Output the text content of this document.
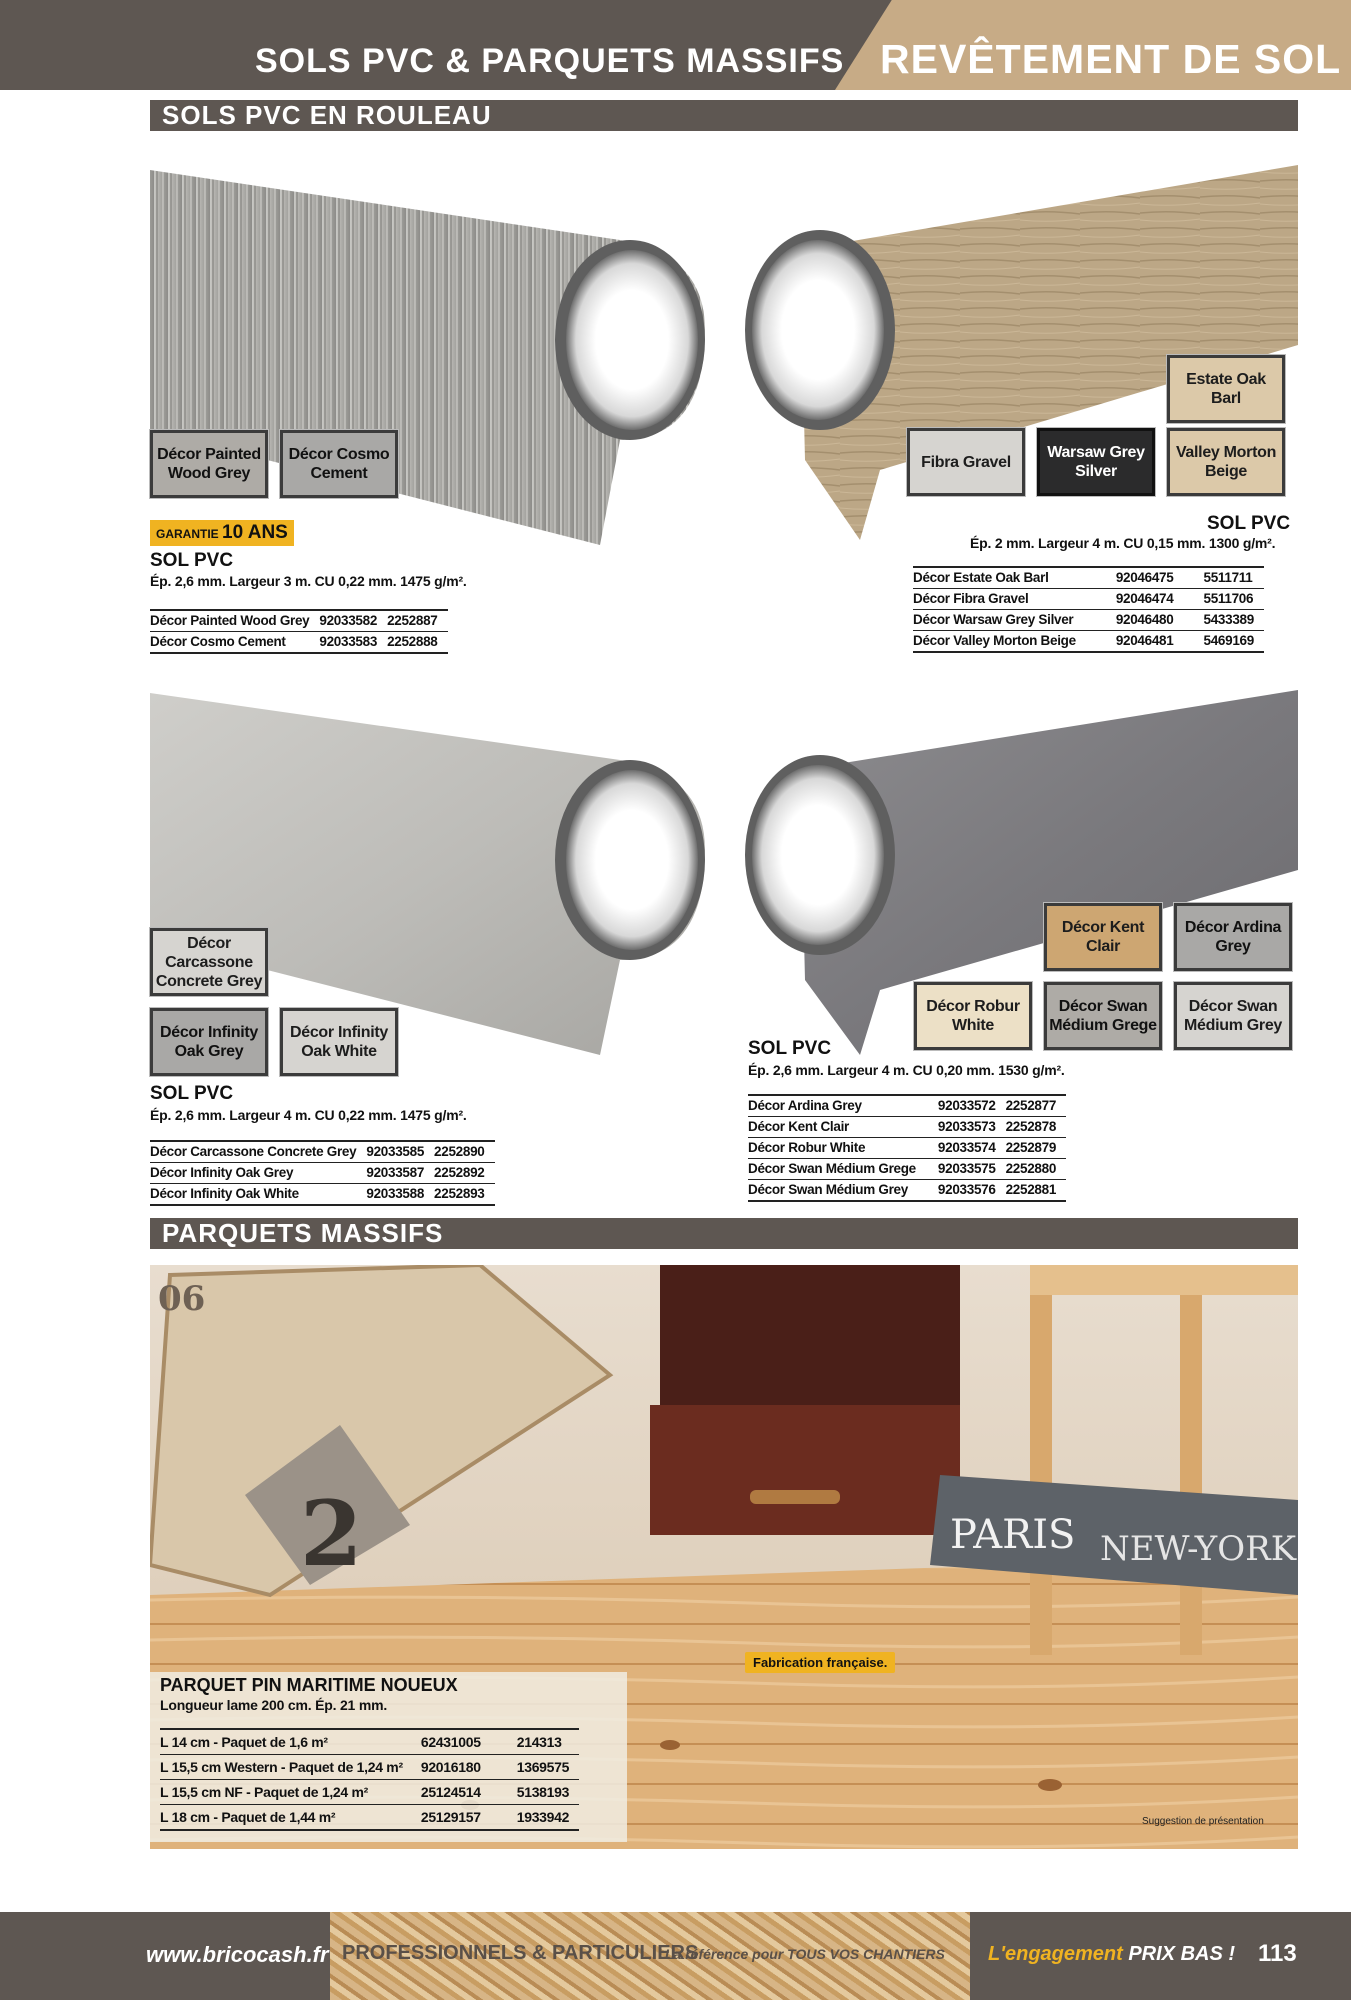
SOLS PVC & PARQUETS MASSIFS REVÊTEMENT DE SOL
SOLS PVC EN ROULEAU
Décor Painted Wood Grey
Décor Cosmo Cement
GARANTIE 10 ANS
SOL PVC
Ép. 2,6 mm. Largeur 3 m. CU 0,22 mm. 1475 g/m².
Décor Painted Wood Grey	92033582	2252887
Décor Cosmo Cement	92033583	2252888
Estate Oak Barl
Fibra Gravel
Warsaw Grey Silver
Valley Morton Beige
SOL PVC
Ép. 2 mm. Largeur 4 m. CU 0,15 mm. 1300 g/m².
Décor Estate Oak Barl	92046475	5511711
Décor Fibra Gravel	92046474	5511706
Décor Warsaw Grey Silver	92046480	5433389
Décor Valley Morton Beige	92046481	5469169
Décor Carcassone Concrete Grey
Décor Infinity Oak Grey
Décor Infinity Oak White
SOL PVC
Ép. 2,6 mm. Largeur 4 m. CU 0,22 mm. 1475 g/m².
Décor Carcassone Concrete Grey	92033585	2252890
Décor Infinity Oak Grey	92033587	2252892
Décor Infinity Oak White	92033588	2252893
Décor Kent Clair
Décor Ardina Grey
Décor Robur White
Décor Swan Médium Grege
Décor Swan Médium Grey
SOL PVC
Ép. 2,6 mm. Largeur 4 m. CU 0,20 mm. 1530 g/m².
Décor Ardina Grey	92033572	2252877
Décor Kent Clair	92033573	2252878
Décor Robur White	92033574	2252879
Décor Swan Médium Grege	92033575	2252880
Décor Swan Médium Grey	92033576	2252881
PARQUETS MASSIFS
2
06
PARIS NEW-YORK
Fabrication française.
Suggestion de présentation
PARQUET PIN MARITIME NOUEUX
Longueur lame 200 cm. Ép. 21 mm.
L 14 cm - Paquet de 1,6 m²	62431005	214313
L 15,5 cm Western - Paquet de 1,24 m²	92016180	1369575
L 15,5 cm NF - Paquet de 1,24 m²	25124514	5138193
L 18 cm - Paquet de 1,44 m²	25129157	1933942
www.bricocash.fr PROFESSIONNELS & PARTICULIERS
La référence pour TOUS VOS CHANTIERS L'engagement PRIX BAS ! 113
